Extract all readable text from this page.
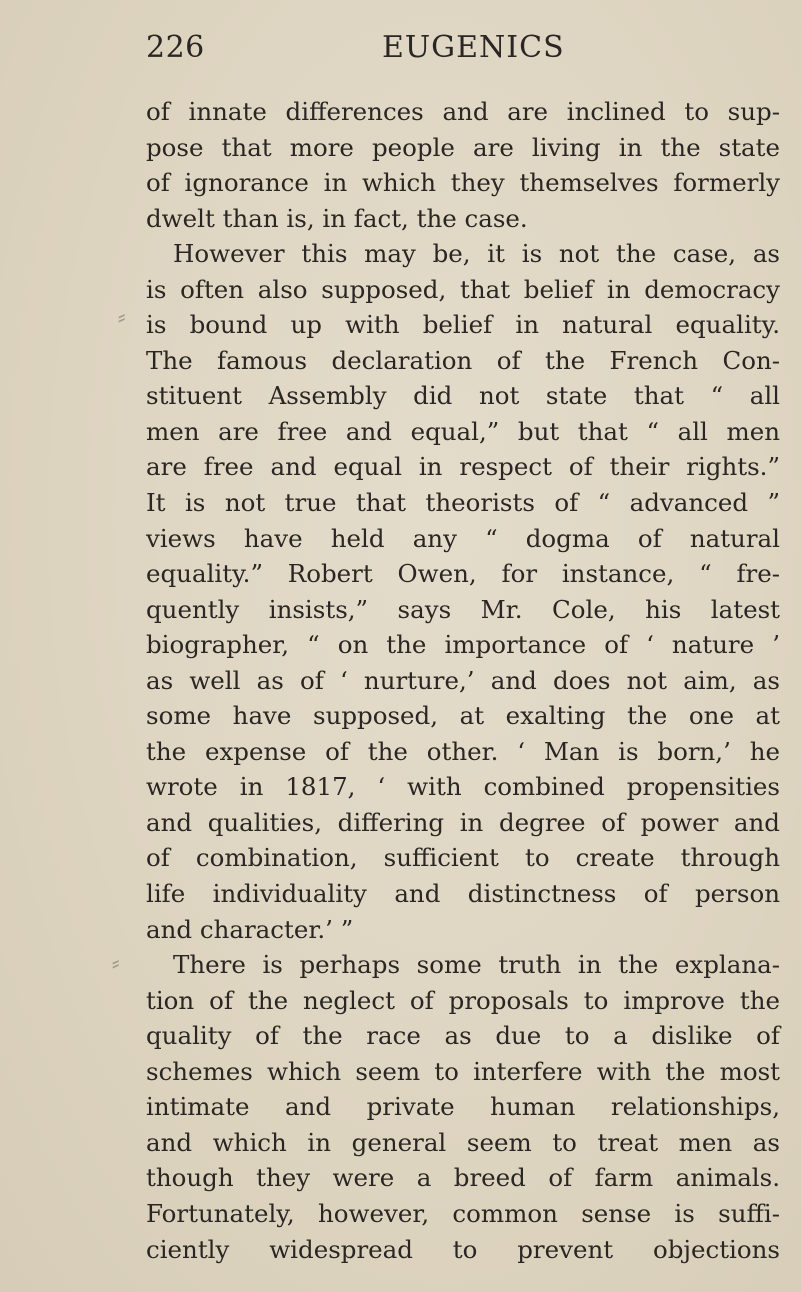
226	EUGENICS
of innate differences and are inclined to sup-
pose that more people are living in the state
of ignorance in which they themselves formerly
dwelt than is, in fact, the case.
However this may be, it is not the case, as
is often also supposed, that belief in democracy
is bound up with belief in natural equality.
The famous declaration of the French Con-
stituent Assembly did not state that “ all
men are free and equal,” but that “ all men
are free and equal in respect of their rights.”
It is not true that theorists of “ advanced ”
views have held any “ dogma of natural
equality.” Robert Owen, for instance, “ fre-
quently insists,” says Mr. Cole, his latest
biographer, “ on the importance of ‘ nature ’
as well as of ‘ nurture,’ and does not aim, as
some have supposed, at exalting the one at
the expense of the other. ‘ Man is born,’ he
wrote in 1817, ‘ with combined propensities
and qualities, differing in degree of power and
of combination, sufficient to create through
life individuality and distinctness of person
and character.’ ”
There is perhaps some truth in the explana-
tion of the neglect of proposals to improve the
quality of the race as due to a dislike of
schemes which seem to interfere with the most
intimate and private human relationships,
and which in general seem to treat men as
though they were a breed of farm animals.
Fortunately, however, common sense is suffi-
ciently widespread to prevent objections
⸗
⸗
